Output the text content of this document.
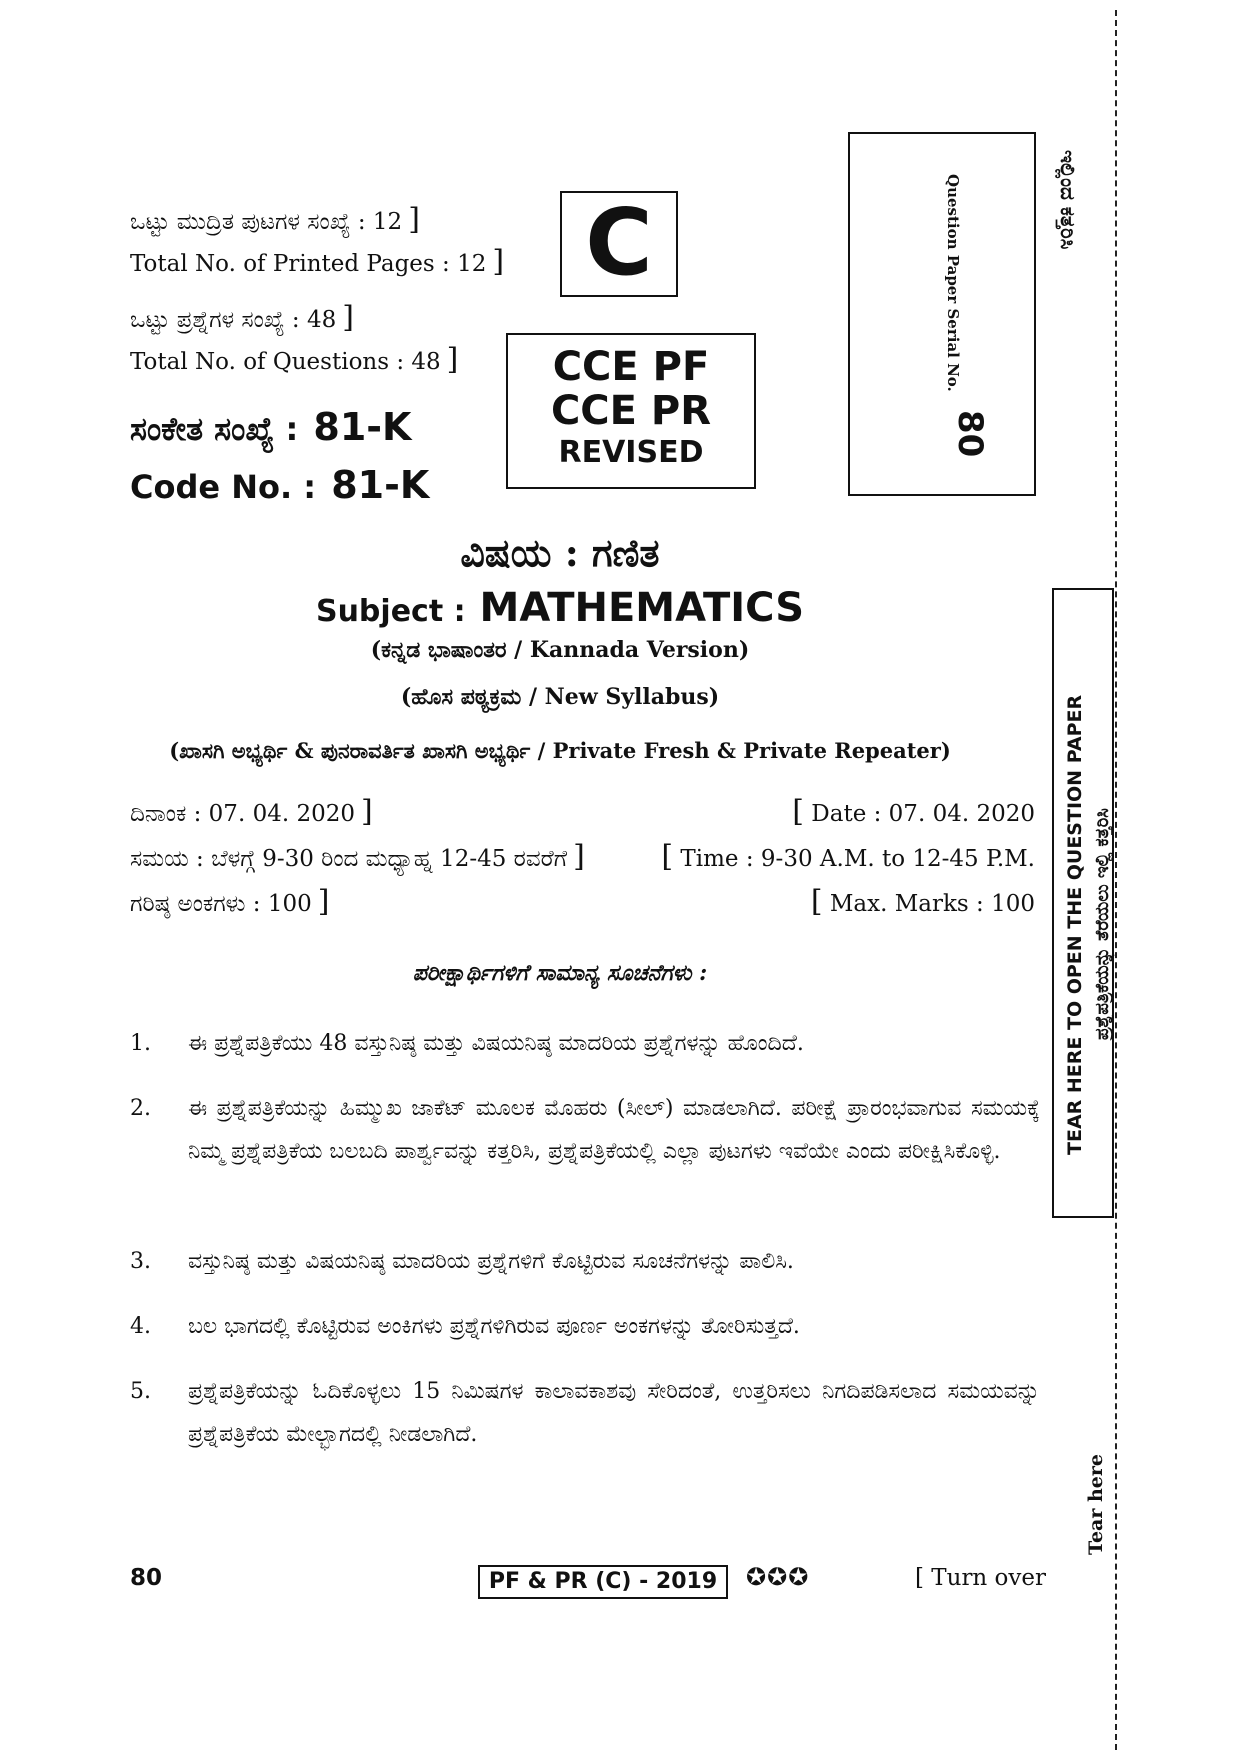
ಒಟ್ಟು ಮುದ್ರಿತ ಪುಟಗಳ ಸಂಖ್ಯೆ : 12 ]
Total No. of Printed Pages : 12 ]
ಒಟ್ಟು ಪ್ರಶ್ನೆಗಳ ಸಂಖ್ಯೆ : 48 ]
Total No. of Questions : 48 ]
ಸಂಕೇತ ಸಂಖ್ಯೆ : 81-K
Code No. : 81-K
C
CCE PF
CCE PR
REVISED
Question Paper Serial No.
80
ಇಲ್ಲಿಂದ ಕತ್ತರಿಸಿ
ವಿಷಯ : ಗಣಿತ
Subject : MATHEMATICS
(ಕನ್ನಡ ಭಾಷಾಂತರ / Kannada Version)
(ಹೊಸ ಪಠ್ಯಕ್ರಮ / New Syllabus)
(ಖಾಸಗಿ ಅಭ್ಯರ್ಥಿ & ಪುನರಾವರ್ತಿತ ಖಾಸಗಿ ಅಭ್ಯರ್ಥಿ / Private Fresh & Private Repeater)
ದಿನಾಂಕ : 07. 04. 2020 ]	[ Date : 07. 04. 2020
ಸಮಯ : ಬೆಳಗ್ಗೆ 9-30 ರಿಂದ ಮಧ್ಯಾಹ್ನ 12-45 ರವರೆಗೆ ]	[ Time : 9-30 A.M. to 12-45 P.M.
ಗರಿಷ್ಠ ಅಂಕಗಳು : 100 ]	[ Max. Marks : 100
ಪರೀಕ್ಷಾರ್ಥಿಗಳಿಗೆ ಸಾಮಾನ್ಯ ಸೂಚನೆಗಳು :
1. ಈ ಪ್ರಶ್ನೆಪತ್ರಿಕೆಯು 48 ವಸ್ತುನಿಷ್ಠ ಮತ್ತು ವಿಷಯನಿಷ್ಠ ಮಾದರಿಯ ಪ್ರಶ್ನೆಗಳನ್ನು ಹೊಂದಿದೆ.
2. ಈ ಪ್ರಶ್ನೆಪತ್ರಿಕೆಯನ್ನು ಹಿಮ್ಮುಖ ಜಾಕೆಟ್ ಮೂಲಕ ಮೊಹರು (ಸೀಲ್) ಮಾಡಲಾಗಿದೆ. ಪರೀಕ್ಷೆ ಪ್ರಾರಂಭವಾಗುವ ಸಮಯಕ್ಕೆ ನಿಮ್ಮ ಪ್ರಶ್ನೆಪತ್ರಿಕೆಯ ಬಲಬದಿ ಪಾರ್ಶ್ವವನ್ನು ಕತ್ತರಿಸಿ, ಪ್ರಶ್ನೆಪತ್ರಿಕೆಯಲ್ಲಿ ಎಲ್ಲಾ ಪುಟಗಳು ಇವೆಯೇ ಎಂದು ಪರೀಕ್ಷಿಸಿಕೊಳ್ಳಿ.
3. ವಸ್ತುನಿಷ್ಠ ಮತ್ತು ವಿಷಯನಿಷ್ಠ ಮಾದರಿಯ ಪ್ರಶ್ನೆಗಳಿಗೆ ಕೊಟ್ಟಿರುವ ಸೂಚನೆಗಳನ್ನು ಪಾಲಿಸಿ.
4. ಬಲ ಭಾಗದಲ್ಲಿ ಕೊಟ್ಟಿರುವ ಅಂಕಿಗಳು ಪ್ರಶ್ನೆಗಳಿಗಿರುವ ಪೂರ್ಣ ಅಂಕಗಳನ್ನು ತೋರಿಸುತ್ತದೆ.
5. ಪ್ರಶ್ನೆಪತ್ರಿಕೆಯನ್ನು ಓದಿಕೊಳ್ಳಲು 15 ನಿಮಿಷಗಳ ಕಾಲಾವಕಾಶವು ಸೇರಿದಂತೆ, ಉತ್ತರಿಸಲು ನಿಗದಿಪಡಿಸಲಾದ ಸಮಯವನ್ನು ಪ್ರಶ್ನೆಪತ್ರಿಕೆಯ ಮೇಲ್ಭಾಗದಲ್ಲಿ ನೀಡಲಾಗಿದೆ.
TEAR HERE TO OPEN THE QUESTION PAPER ಪ್ರಶ್ನೆಪತ್ರಿಕೆಯನ್ನು ತೆರೆಯಲು ಇಲ್ಲಿ ಕತ್ತರಿಸಿ
Tear here
80	PF & PR (C) - 2019	✪✪✪	[ Turn over
